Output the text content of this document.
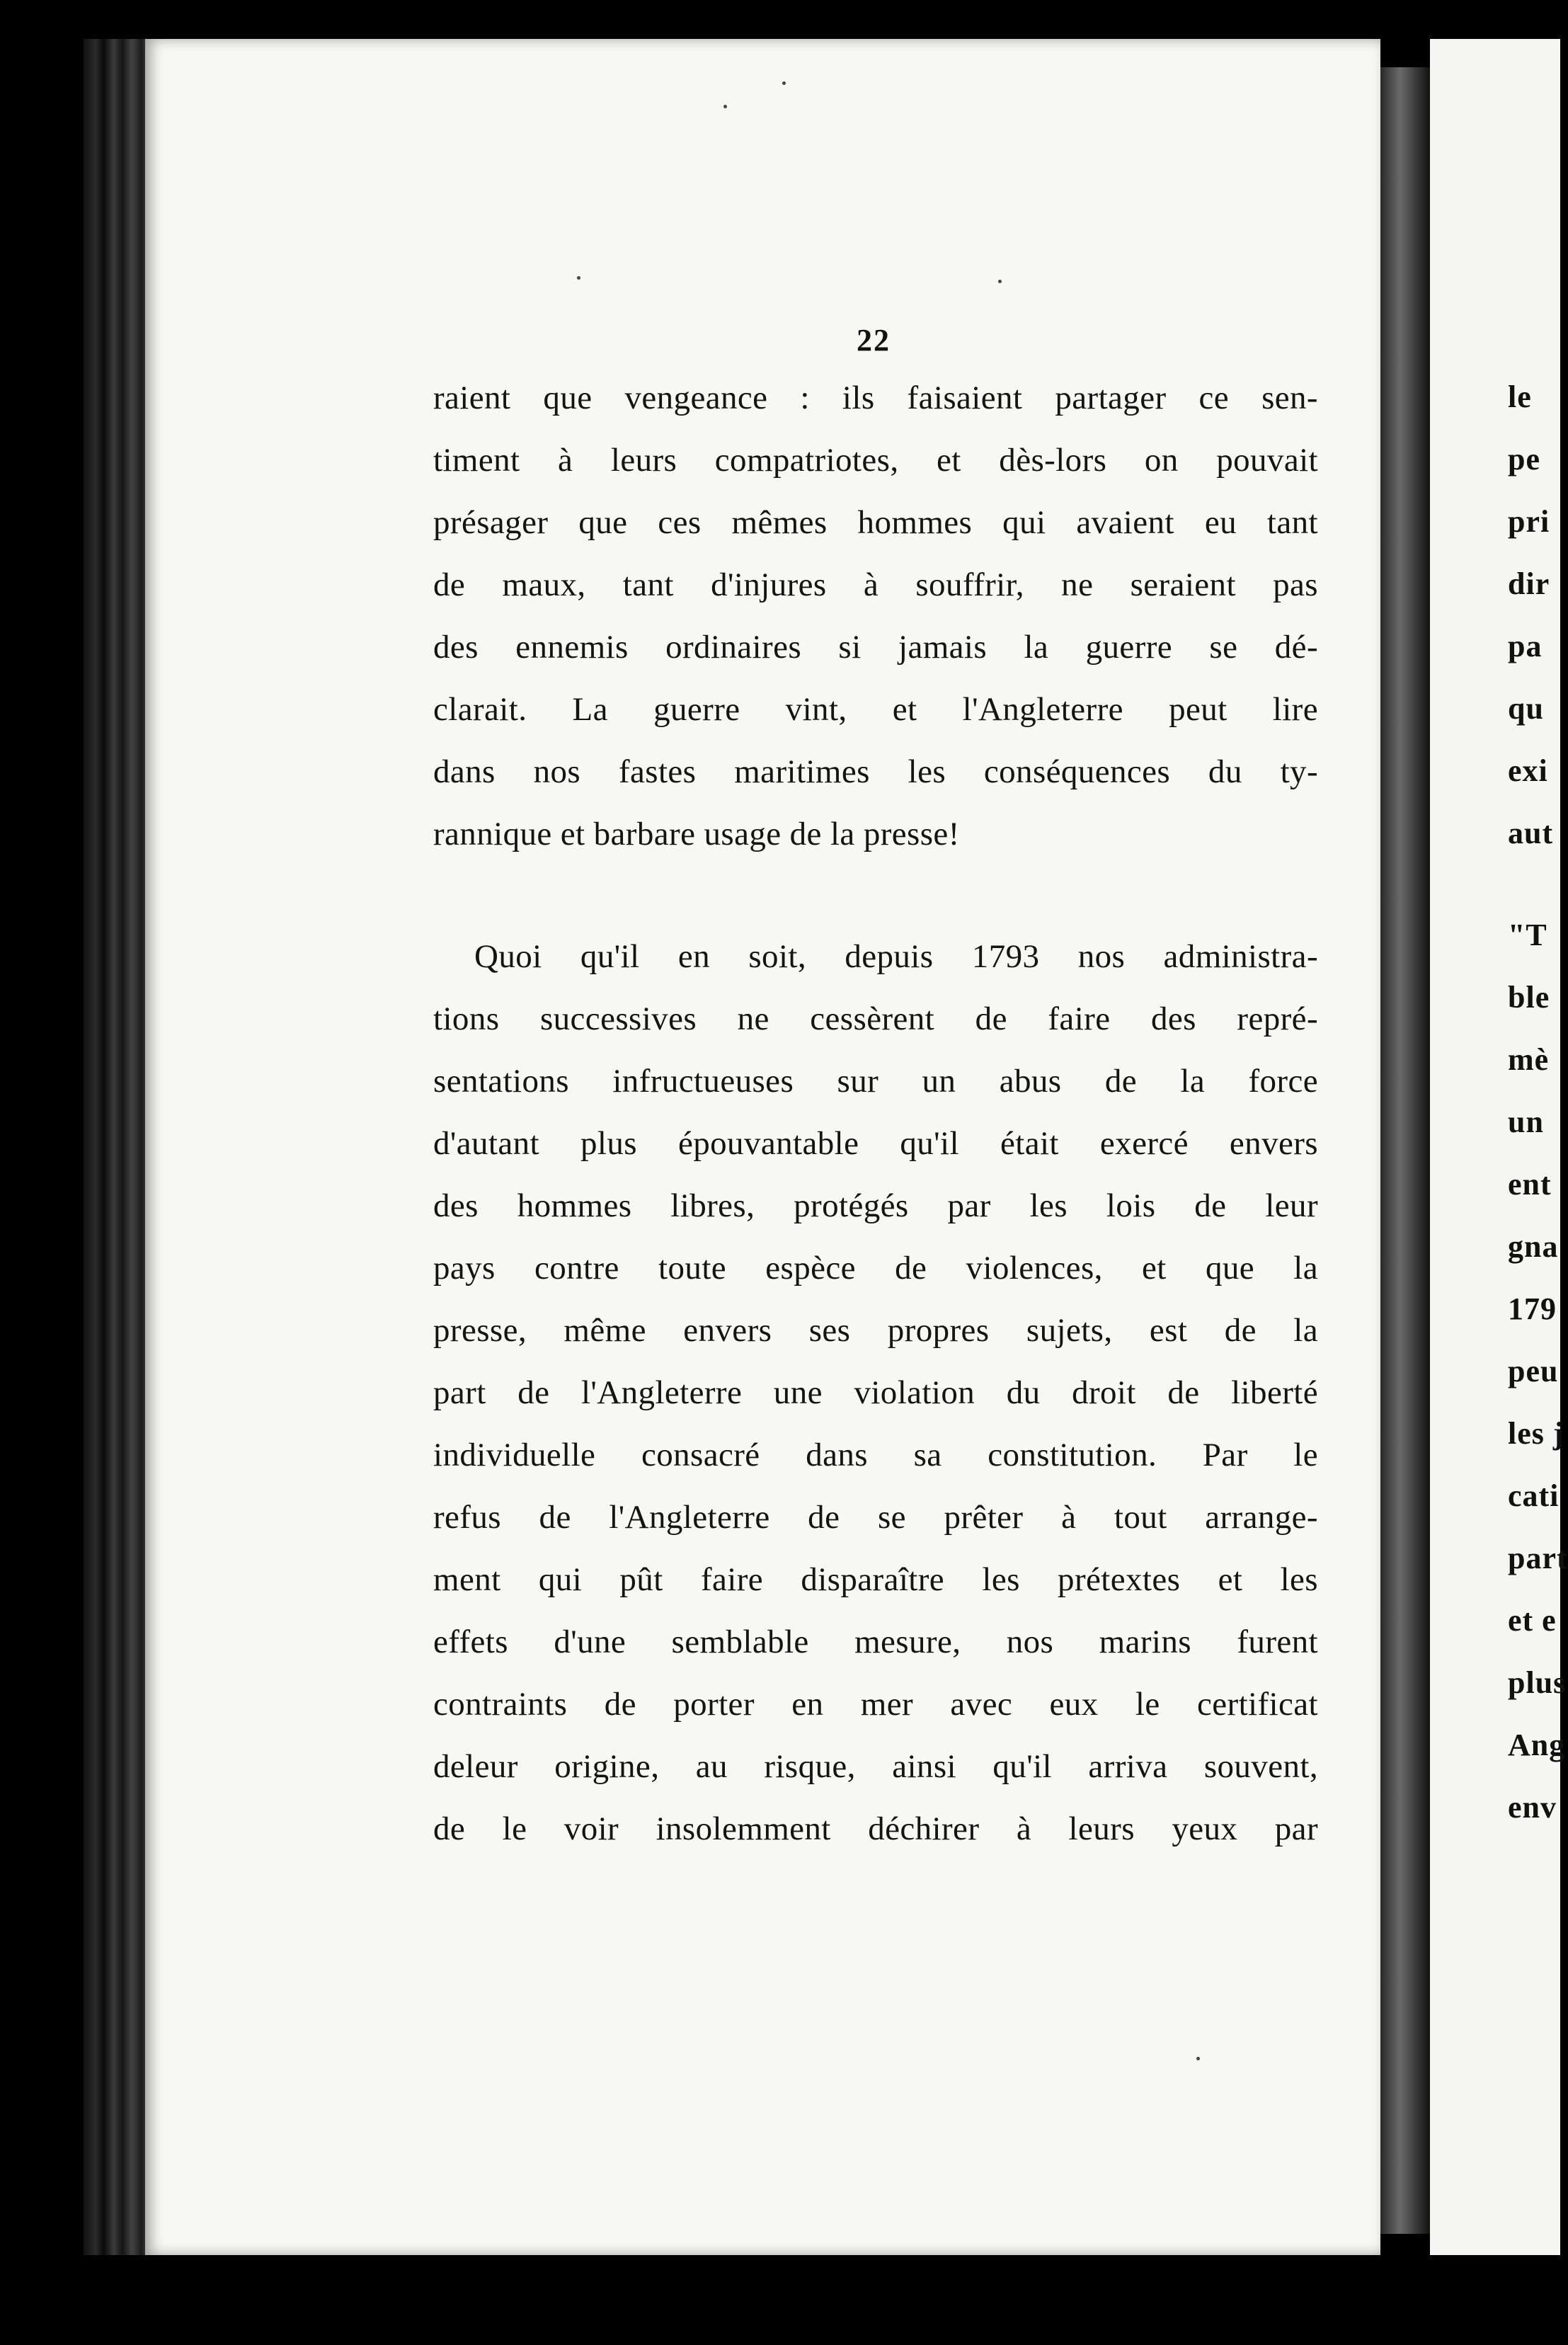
22
raient que vengeance : ils faisaient partager ce sen-
timent à leurs compatriotes, et dès-lors on pouvait
présager que ces mêmes hommes qui avaient eu tant
de maux, tant d'injures à souffrir, ne seraient pas
des ennemis ordinaires si jamais la guerre se dé-
clarait. La guerre vint, et l'Angleterre peut lire
dans nos fastes maritimes les conséquences du ty-
rannique et barbare usage de la presse!
Quoi qu'il en soit, depuis 1793 nos administra-
tions successives ne cessèrent de faire des repré-
sentations infructueuses sur un abus de la force
d'autant plus épouvantable qu'il était exercé envers
des hommes libres, protégés par les lois de leur
pays contre toute espèce de violences, et que la
presse, même envers ses propres sujets, est de la
part de l'Angleterre une violation du droit de liberté
individuelle consacré dans sa constitution. Par le
refus de l'Angleterre de se prêter à tout arrange-
ment qui pût faire disparaître les prétextes et les
effets d'une semblable mesure, nos marins furent
contraints de porter en mer avec eux le certificat
deleur origine, au risque, ainsi qu'il arriva souvent,
de le voir insolemment déchirer à leurs yeux par
le
pe
pri
dir
pa
qu
exi
aut
"T
ble
mè
un
ent
gna
179
peu
les j
cati
part
et e
plus
Ang
env
